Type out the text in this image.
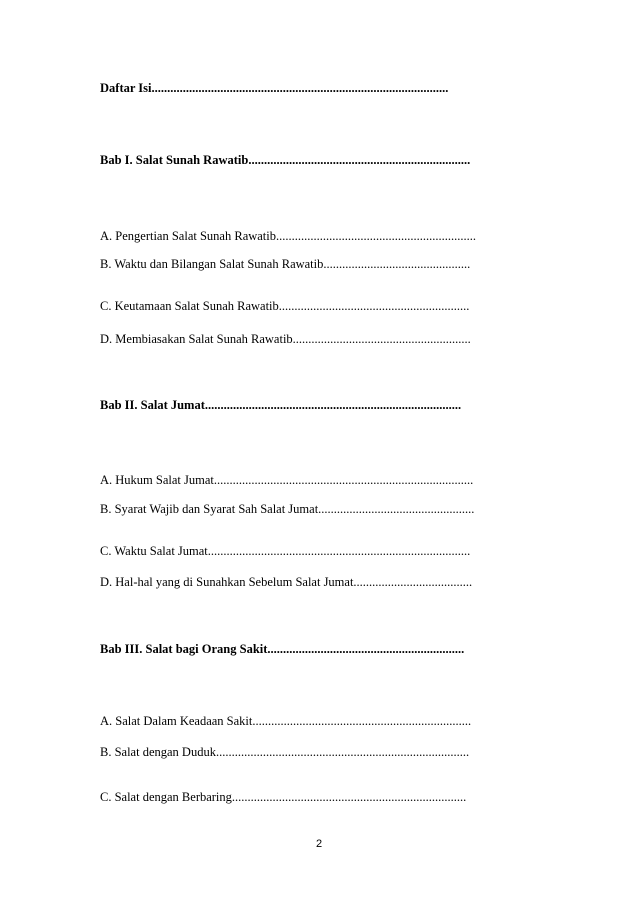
Daftar Isi...............................................................................................
Bab I. Salat Sunah Rawatib.......................................................................
A. Pengertian Salat Sunah Rawatib................................................................
B. Waktu dan Bilangan Salat Sunah Rawatib...............................................
C. Keutamaan Salat Sunah Rawatib.............................................................
D. Membiasakan Salat Sunah Rawatib.........................................................
Bab II. Salat Jumat..................................................................................
A. Hukum Salat Jumat...................................................................................
B. Syarat Wajib dan Syarat Sah Salat Jumat..................................................
C. Waktu Salat Jumat....................................................................................
D. Hal-hal yang di Sunahkan Sebelum Salat Jumat......................................
Bab III. Salat bagi Orang Sakit...............................................................
A. Salat Dalam Keadaan Sakit......................................................................
B. Salat dengan Duduk.................................................................................
C. Salat dengan Berbaring...........................................................................
2
